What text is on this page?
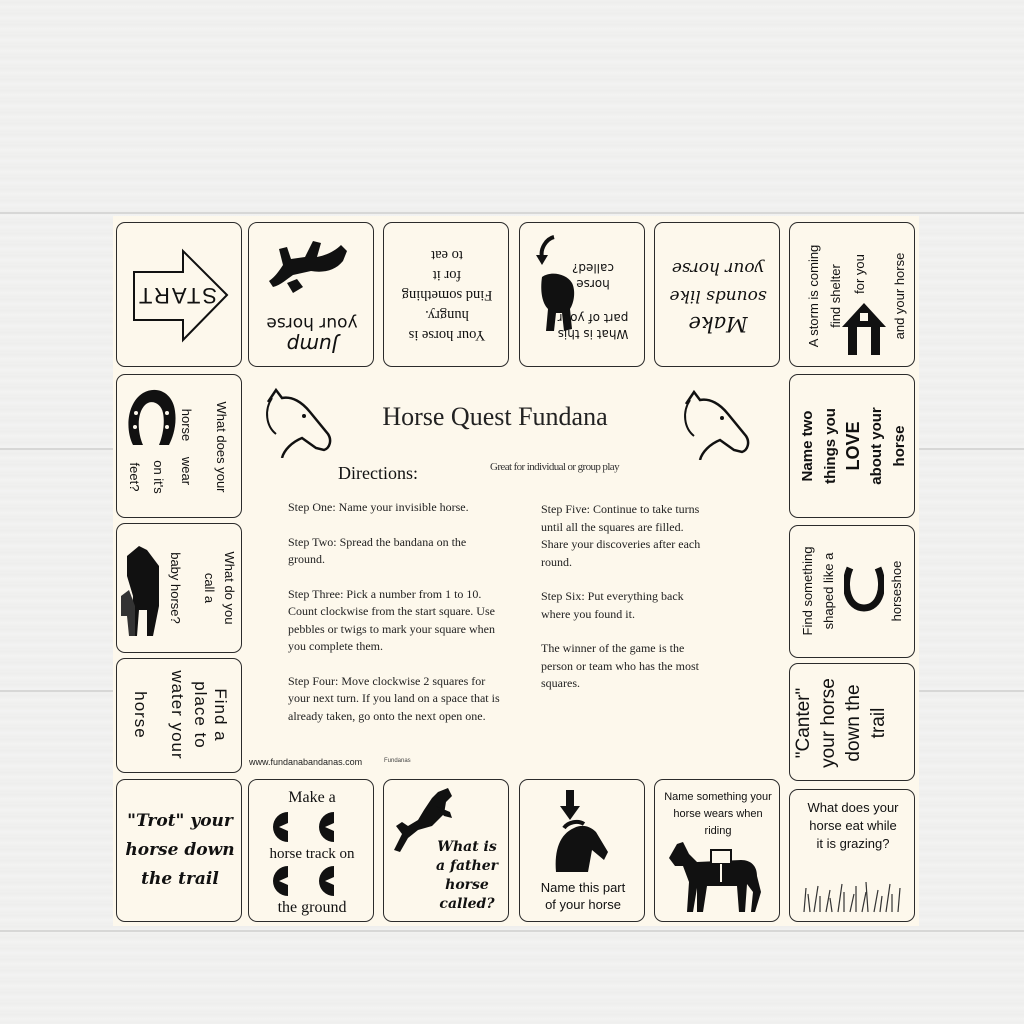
START
Jump
your horse
Your horse is
hungry.
Find something
for it
to eat
What is this
part of your
horse
called?
Make
sounds like
your horse	A storm is coming find shelter for you and your horse
What does your
horse
wear
on it's
feet?
What do you
call a
baby horse?
Find a
place to
water your
horse
Name two things you LOVE about your horse
Find something shaped like a	horseshoe
"Canter" your horse down the trail
"Trot" your
horse down
the trail
Make a
horse track on
the ground
What is
a father
horse
called?
Name this part
of your horse
Name something your
horse wears when
riding
What does your
horse eat while
it is grazing?
Horse Quest Fundana
Great for individual or group play
Directions:

Step One: Name your invisible horse.

Step Two: Spread the bandana on the ground.

Step Three: Pick a number from 1 to 10. Count clockwise from the start square. Use pebbles or twigs to mark your square when you complete them.

Step Four: Move clockwise 2 squares for your next turn. If you land on a space that is already taken, go onto the next open one.

Step Five: Continue to take turns until all the squares are filled. Share your discoveries after each round.

Step Six: Put everything back where you found it.

The winner of the game is the person or team who has the most squares.

www.fundanabandanas.com	Fundanas
